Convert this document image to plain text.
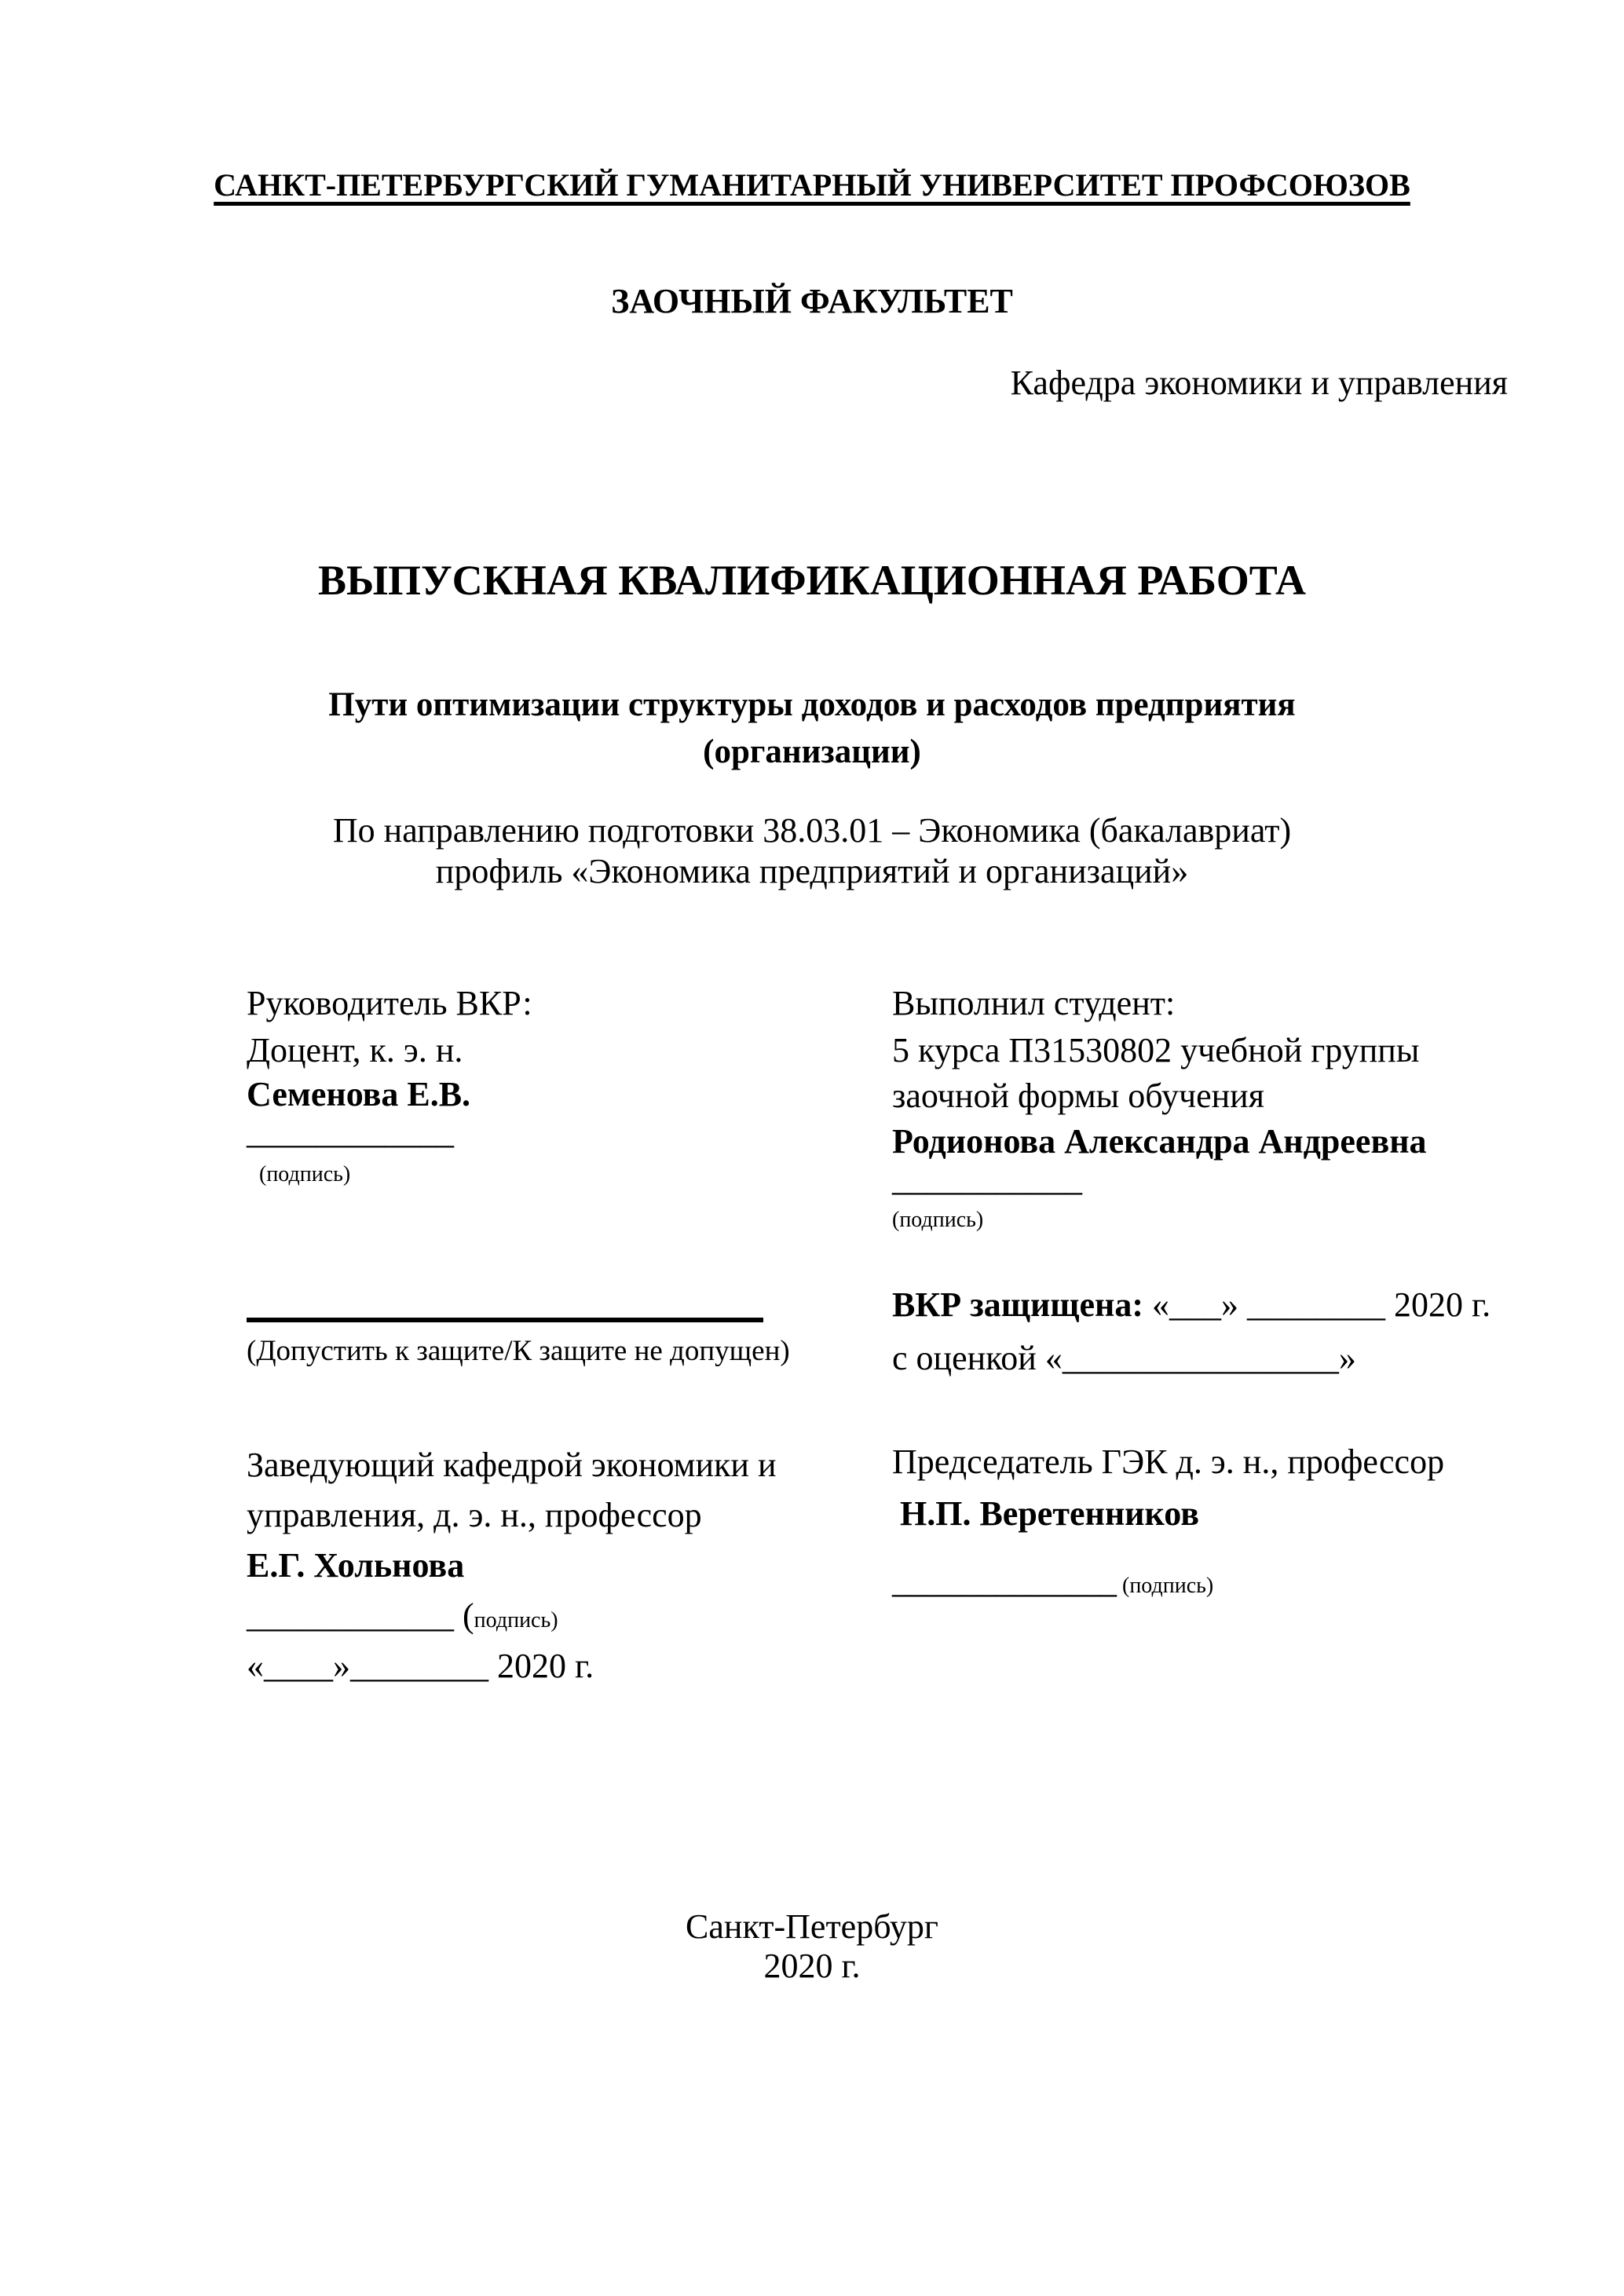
САНКТ-ПЕТЕРБУРГСКИЙ ГУМАНИТАРНЫЙ УНИВЕРСИТЕТ ПРОФСОЮЗОВ
ЗАОЧНЫЙ ФАКУЛЬТЕТ
Кафедра экономики и управления
ВЫПУСКНАЯ КВАЛИФИКАЦИОННАЯ РАБОТА
Пути оптимизации структуры доходов и расходов предприятия
(организации)
По направлению подготовки 38.03.01 – Экономика (бакалавриат)
профиль «Экономика предприятий и организаций»
Руководитель ВКР:
Доцент, к. э. н.
Семенова Е.В.
____________
(подпись)
Выполнил студент:
5 курса П31530802 учебной группы
заочной формы обучения
Родионова Александра Андреевна
___________
(подпись)
(Допустить к защите/К защите не допущен)
ВКР защищена: «___» ________ 2020 г.
с оценкой «________________»
Заведующий кафедрой экономики и
управления, д. э. н., профессор
Е.Г. Хольнова
____________ (подпись)
«____»________ 2020 г.
Председатель ГЭК д. э. н., профессор
Н.П. Веретенников
_____________ (подпись)
Санкт-Петербург
2020 г.
